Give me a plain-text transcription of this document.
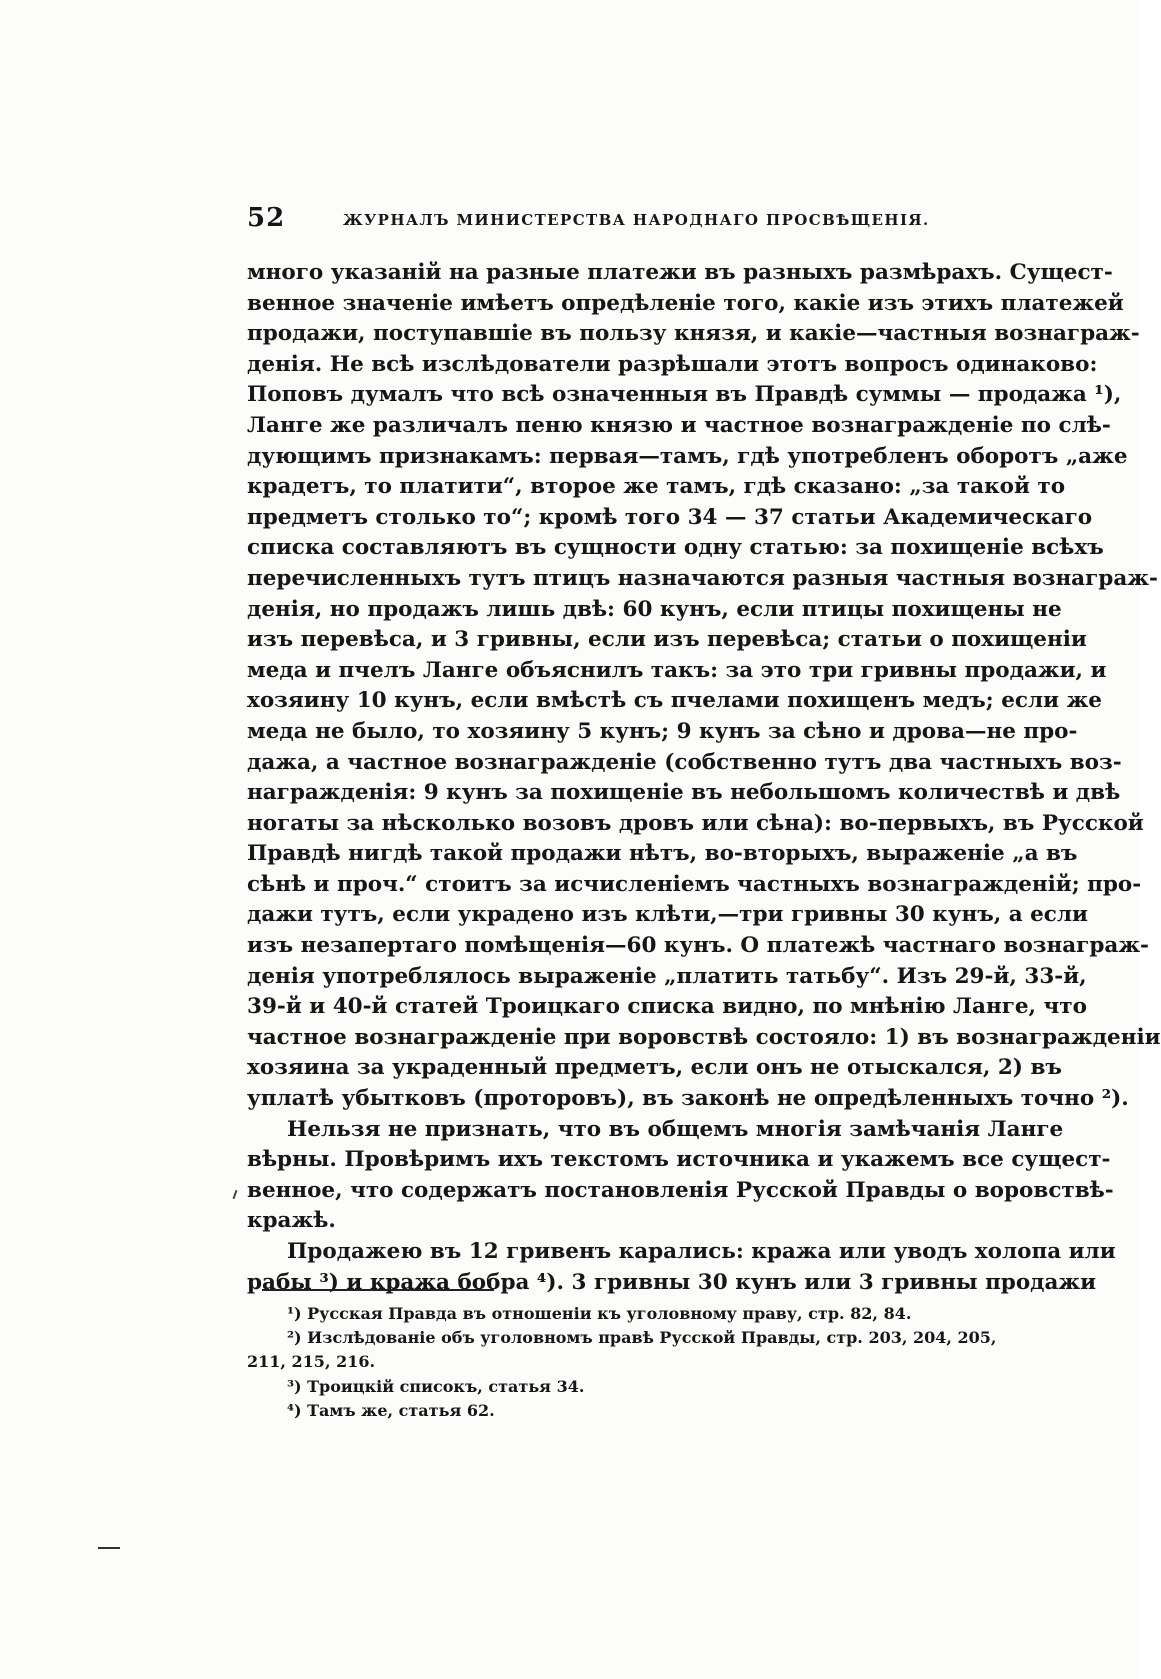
52	ЖУРНАЛЪ МИНИСТЕРСТВА НАРОДНАГО ПРОСВѢЩЕНІЯ.
много указаній на разные платежи въ разныхъ размѣрахъ. Сущест-
венное значеніе имѣетъ опредѣленіе того, какіе изъ этихъ платежей
продажи, поступавшіе въ пользу князя, и какіе—частныя вознаграж-
денія. Не всѣ изслѣдователи разрѣшали этотъ вопросъ одинаково:
Поповъ думалъ что всѣ означенныя въ Правдѣ суммы — продажа ¹),
Ланге же различалъ пеню князю и частное вознагражденіе по слѣ-
дующимъ признакамъ: первая—тамъ, гдѣ употребленъ оборотъ „аже
крадетъ, то платити“, второе же тамъ, гдѣ сказано: „за такой то
предметъ столько то“; кромѣ того 34 — 37 статьи Академическаго
списка составляютъ въ сущности одну статью: за похищеніе всѣхъ
перечисленныхъ тутъ птицъ назначаются разныя частныя вознаграж-
денія, но продажъ лишь двѣ: 60 кунъ, если птицы похищены не
изъ перевѣса, и 3 гривны, если изъ перевѣса; статьи о похищеніи
меда и пчелъ Ланге объяснилъ такъ: за это три гривны продажи, и
хозяину 10 кунъ, если вмѣстѣ съ пчелами похищенъ медъ; если же
меда не было, то хозяину 5 кунъ; 9 кунъ за сѣно и дрова—не про-
дажа, а частное вознагражденіе (собственно тутъ два частныхъ воз-
награжденія: 9 кунъ за похищеніе въ небольшомъ количествѣ и двѣ
ногаты за нѣсколько возовъ дровъ или сѣна): во-первыхъ, въ Русской
Правдѣ нигдѣ такой продажи нѣтъ, во-вторыхъ, выраженіе „а въ
сѣнѣ и проч.“ стоитъ за исчисленіемъ частныхъ вознагражденій; про-
дажи тутъ, если украдено изъ клѣти,—три гривны 30 кунъ, а если
изъ незапертаго помѣщенія—60 кунъ. О платежѣ частнаго вознаграж-
денія употреблялось выраженіе „платить татьбу“. Изъ 29-й, 33-й,
39-й и 40-й статей Троицкаго списка видно, по мнѣнію Ланге, что
частное вознагражденіе при воровствѣ состояло: 1) въ вознагражденіи
хозяина за украденный предметъ, если онъ не отыскался, 2) въ
уплатѣ убытковъ (проторовъ), въ законѣ не опредѣленныхъ точно ²).
Нельзя не признать, что въ общемъ многія замѣчанія Ланге
вѣрны. Провѣримъ ихъ текстомъ источника и укажемъ все сущест-
венное, что содержатъ постановленія Русской Правды о воровствѣ-
кражѣ.
Продажею въ 12 гривенъ карались: кража или уводъ холопа или
рабы ³) и кража бобра ⁴). 3 гривны 30 кунъ или 3 гривны продажи
¹) Русская Правда въ отношеніи къ уголовному праву, стр. 82, 84.
²) Изслѣдованіе объ уголовномъ правѣ Русской Правды, стр. 203, 204, 205,
211, 215, 216.
³) Троицкій списокъ, статья 34.
⁴) Тамъ же, статья 62.
